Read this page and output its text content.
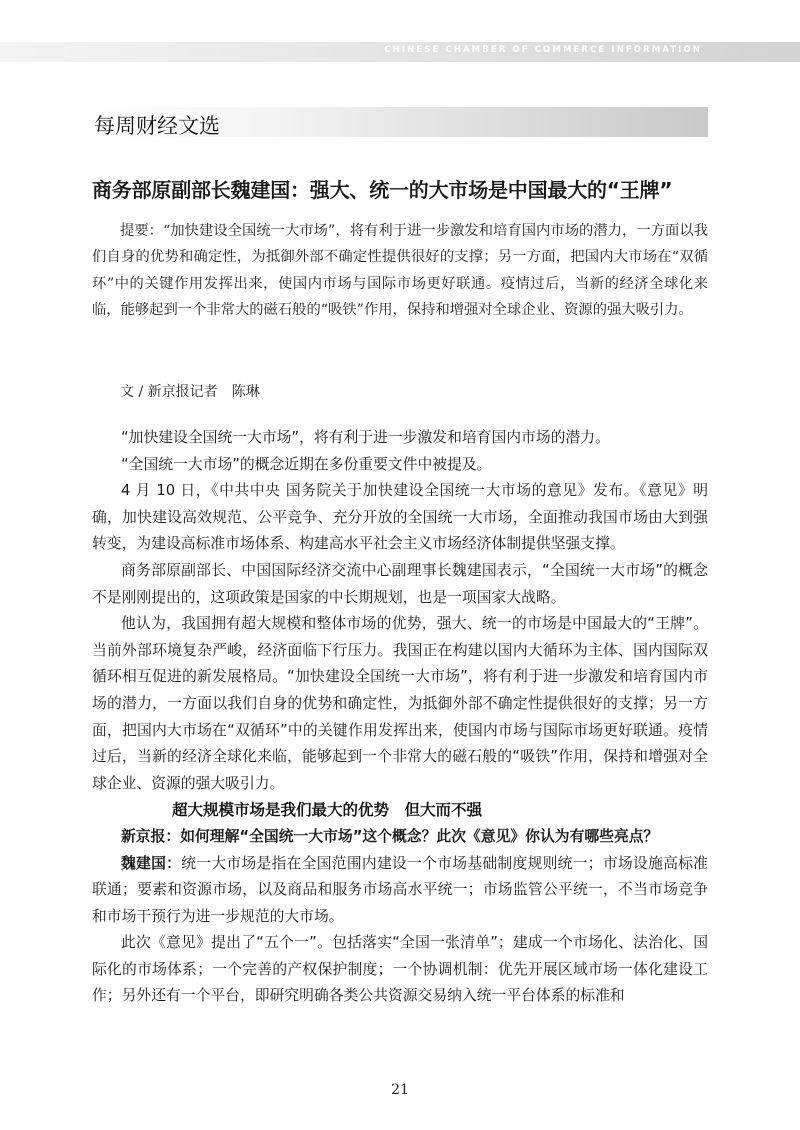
CHINESE CHAMBER OF COMMERCE INFORMATION
每周财经文选
商务部原副部长魏建国：强大、统一的大市场是中国最大的“王牌”
提要：“加快建设全国统一大市场”，将有利于进一步激发和培育国内市场的潜力，一方面以我们自身的优势和确定性，为抵御外部不确定性提供很好的支撑；另一方面，把国内大市场在“双循环”中的关键作用发挥出来，使国内市场与国际市场更好联通。疫情过后，当新的经济全球化来临，能够起到一个非常大的磁石般的“吸铁”作用，保持和增强对全球企业、资源的强大吸引力。
文 / 新京报记者　陈琳

“加快建设全国统一大市场”，将有利于进一步激发和培育国内市场的潜力。

“全国统一大市场”的概念近期在多份重要文件中被提及。

4 月 10 日，《中共中央 国务院关于加快建设全国统一大市场的意见》发布。《意见》明确，加快建设高效规范、公平竞争、充分开放的全国统一大市场，全面推动我国市场由大到强转变，为建设高标准市场体系、构建高水平社会主义市场经济体制提供坚强支撑。

商务部原副部长、中国国际经济交流中心副理事长魏建国表示，“全国统一大市场”的概念不是刚刚提出的，这项政策是国家的中长期规划，也是一项国家大战略。

他认为，我国拥有超大规模和整体市场的优势，强大、统一的市场是中国最大的“王牌”。当前外部环境复杂严峻，经济面临下行压力。我国正在构建以国内大循环为主体、国内国际双循环相互促进的新发展格局。“加快建设全国统一大市场”，将有利于进一步激发和培育国内市场的潜力，一方面以我们自身的优势和确定性，为抵御外部不确定性提供很好的支撑；另一方面，把国内大市场在“双循环”中的关键作用发挥出来，使国内市场与国际市场更好联通。疫情过后，当新的经济全球化来临，能够起到一个非常大的磁石般的“吸铁”作用，保持和增强对全球企业、资源的强大吸引力。

超大规模市场是我们最大的优势　但大而不强

新京报：如何理解“全国统一大市场”这个概念？此次《意见》你认为有哪些亮点？

魏建国：统一大市场是指在全国范围内建设一个市场基础制度规则统一；市场设施高标准联通；要素和资源市场，以及商品和服务市场高水平统一；市场监管公平统一，不当市场竞争和市场干预行为进一步规范的大市场。

此次《意见》提出了“五个一”。包括落实“全国一张清单”；建成一个市场化、法治化、国际化的市场体系；一个完善的产权保护制度；一个协调机制：优先开展区域市场一体化建设工作；另外还有一个平台，即研究明确各类公共资源交易纳入统一平台体系的标准和

21
